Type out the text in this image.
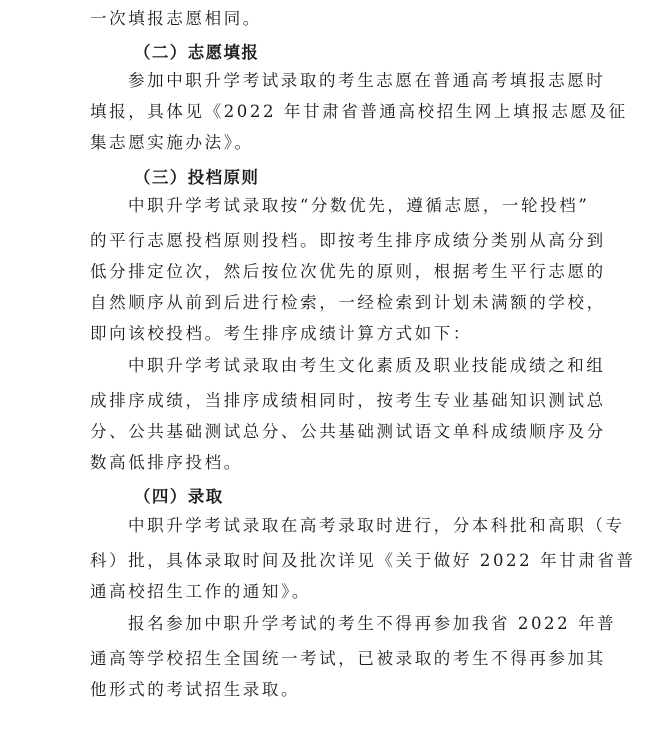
一次填报志愿相同。
（二）志愿填报
参加中职升学考试录取的考生志愿在普通高考填报志愿时
填报，具体见《2022 年甘肃省普通高校招生网上填报志愿及征
集志愿实施办法》。
（三）投档原则
中职升学考试录取按“分数优先，遵循志愿，一轮投档”
的平行志愿投档原则投档。即按考生排序成绩分类别从高分到
低分排定位次，然后按位次优先的原则，根据考生平行志愿的
自然顺序从前到后进行检索，一经检索到计划未满额的学校，
即向该校投档。考生排序成绩计算方式如下：
中职升学考试录取由考生文化素质及职业技能成绩之和组
成排序成绩，当排序成绩相同时，按考生专业基础知识测试总
分、公共基础测试总分、公共基础测试语文单科成绩顺序及分
数高低排序投档。
（四）录取
中职升学考试录取在高考录取时进行，分本科批和高职（专
科）批，具体录取时间及批次详见《关于做好 2022 年甘肃省普
通高校招生工作的通知》。
报名参加中职升学考试的考生不得再参加我省 2022 年普
通高等学校招生全国统一考试，已被录取的考生不得再参加其
他形式的考试招生录取。
